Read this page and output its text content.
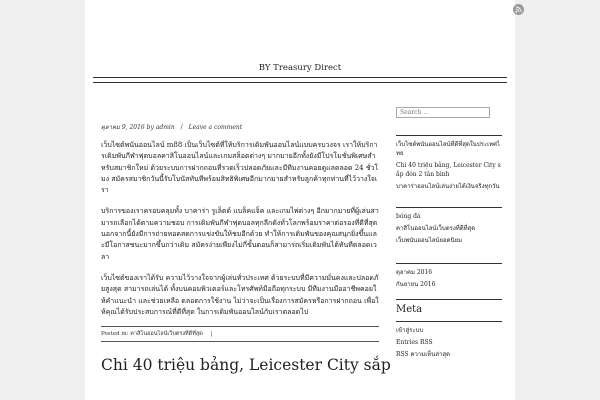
BY Treasury Direct
ตุลาคม 9, 2016 by admin / Leave a comment

เว็บไซต์พนันออนไลน์ m88 เป็นเว็บไซต์ที่ให้บริการเดิมพันออนไลน์แบบครบวงจร เราให้บริการเดิมพันกีฬาฟุตบอลคาสิโนออนไลน์และเกมสล็อตต่างๆ มากมายอีกทั้งยังมีโปรโมชั่นพิเศษสำหรับสมาชิกใหม่ ด้วยระบบการฝากถอนที่รวดเร็วปลอดภัยและมีทีมงานคอยดูแลตลอด 24 ชั่วโมง สมัครสมาชิกวันนี้รับโบนัสทันทีพร้อมสิทธิพิเศษอีกมากมายสำหรับลูกค้าทุกท่านที่ไว้วางใจเรา

บริการของเราครอบคลุมทั้ง บาคาร่า รูเล็ตต์ แบล็คแจ็ค และเกมไพ่ต่างๆ อีกมากมายที่ผู้เล่นสามารถเลือกได้ตามความชอบ การเดิมพันกีฬาฟุตบอลทุกลีกดังทั่วโลกพร้อมราคาต่อรองที่ดีที่สุด นอกจากนี้ยังมีการถ่ายทอดสดการแข่งขันให้ชมอีกด้วย ทำให้การเดิมพันของคุณสนุกยิ่งขึ้นและมีโอกาสชนะมากขึ้นกว่าเดิม สมัครง่ายเพียงไม่กี่ขั้นตอนก็สามารถเริ่มเดิมพันได้ทันทีตลอดเวลา

เว็บไซต์ของเราได้รับ ความไว้วางใจจากผู้เล่นทั่วประเทศ ด้วยระบบที่มีความมั่นคงและปลอดภัยสูงสุด สามารถเล่นได้ ทั้งบนคอมพิวเตอร์และโทรศัพท์มือถือทุกระบบ มีทีมงานมืออาชีพคอยให้คำแนะนำ และช่วยเหลือ ตลอดการใช้งาน ไม่ว่าจะเป็นเรื่องการสมัครหรือการฝากถอน เพื่อให้คุณได้รับประสบการณ์ที่ดีที่สุด ในการเดิมพันออนไลน์กับเราตลอดไป

Posted in: คาสิโนออนไลน์เว็บตรงที่ดีที่สุด |
Chi 40 triệu bảng, Leicester City sắp
Search ...
เว็บไซต์พนันออนไลน์ที่ดีที่สุดในประเทศไทย
Chi 40 triệu bảng, Leicester City sắp đón 2 tân binh
บาคาร่าออนไลน์เล่นง่ายได้เงินจริงทุกวัน
bóng đá
คาสิโนออนไลน์เว็บตรงที่ดีที่สุด
เว็บพนันออนไลน์ยอดนิยม
ตุลาคม 2016
กันยายน 2016
Meta
เข้าสู่ระบบ
Entries RSS
RSS ความเห็นล่าสุด
